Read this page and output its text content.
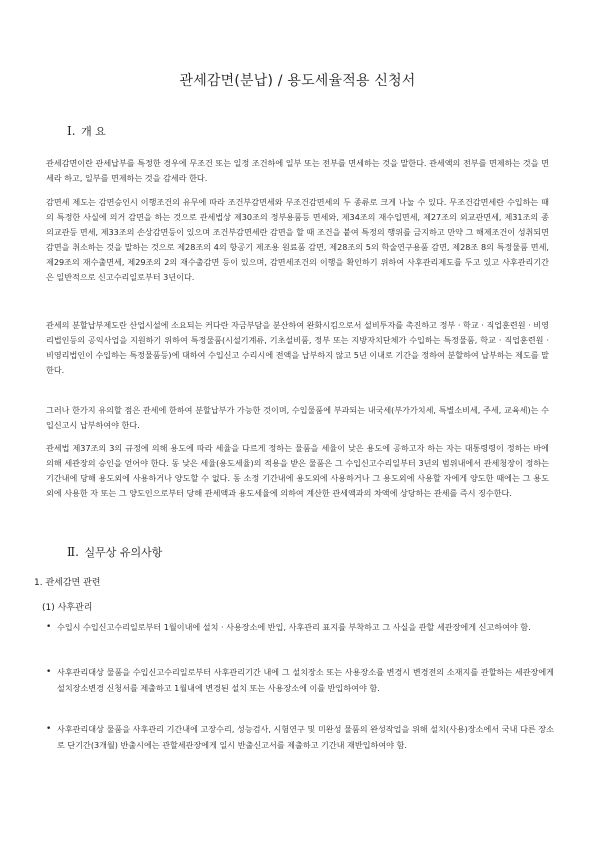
관세감면(분납) / 용도세율적용 신청서
Ⅰ. 개 요

관세감면이란 관세납부를 특정한 경우에 무조건 또는 일정 조건하에 일부 또는 전부를 면세하는 것을 말한다. 관세액의 전부를 면제하는 것을 면세라 하고, 일부를 면제하는 것을 감세라 한다.

감면세 제도는 감면승인시 이행조건의 유무에 따라 조건부감면세와 무조건감면세의 두 종류로 크게 나눌 수 있다. 무조건감면세란 수입하는 때의 특정한 사실에 의거 감면을 하는 것으로 관세법상 제30조의 정부용품등 면세와, 제34조의 재수입면세, 제27조의 외교관면세, 제31조의 종의교관등 면세, 제33조의 손상감면등이 있으며 조건부감면세란 감면을 할 때 조건을 붙여 특정의 행위를 금지하고 만약 그 해제조건이 성취되면 감면을 취소하는 것을 말하는 것으로 제28조의 4의 항공기 제조용 원료품 감면, 제28조의 5의 학술연구용품 감면, 제28조 8의 특정물품 면세, 제29조의 재수출면세, 제29조의 2의 재수출감면 등이 있으며, 감면세조건의 이행을 확인하기 위하여 사후관리제도를 두고 있고 사후관리기간은 일반적으로 신고수리일로부터 3년이다.

관세의 분할납부제도란 산업시설에 소요되는 커다란 자금부담을 분산하여 완화시킴으로서 설비투자를 촉진하고 정부 · 학교 · 직업훈련원 · 비영리법인등의 공익사업을 지원하기 위하여 특정물품(시설기계류, 기초설비품, 정부 또는 지방자치단체가 수입하는 특정물품, 학교 · 직업훈련원 · 비영리법인이 수입하는 특정물품등)에 대하여 수입신고 수리시에 전액을 납부하지 않고 5년 이내로 기간을 정하여 분할하여 납부하는 제도를 말한다.

그러나 한가지 유의할 점은 관세에 한하여 분할납부가 가능한 것이며, 수입물품에 부과되는 내국세(부가가치세, 특별소비세, 주세, 교육세)는 수입신고시 납부하여야 한다.

관세법 제37조의 3의 규정에 의해 용도에 따라 세율을 다르게 정하는 물품을 세율이 낮은 용도에 공하고자 하는 자는 대통령령이 정하는 바에 의해 세관장의 승인을 얻어야 한다. 동 낮은 세율(용도세율)의 적용을 받은 물품은 그 수입신고수리일부터 3년의 범위내에서 관세청장이 정하는 기간내에 당해 용도외에 사용하거나 양도할 수 없다. 동 소정 기간내에 용도외에 사용하거나 그 용도외에 사용할 자에게 양도한 때에는 그 용도외에 사용한 자 또는 그 양도인으로부터 당해 관세액과 용도세율에 의하여 계산한 관세액과의 차액에 상당하는 관세를 즉시 징수한다.

Ⅱ. 실무상 유의사항
1. 관세감면 관련
(1) 사후관리
• 수입시 수입신고수리일로부터 1월이내에 설치 · 사용장소에 반입, 사후관리 표지를 부착하고 그 사실을 관할 세관장에게 신고하여야 함.
• 사후관리대상 물품을 수입신고수리일로부터 사후관리기간 내에 그 설치장소 또는 사용장소를 변경시 변경전의 소재지를 관할하는 세관장에게 설치장소변경 신청서를 제출하고 1월내에 변경된 설치 또는 사용장소에 이를 반입하여야 함.
• 사후관리대상 물품을 사후관리 기간내에 고장수리, 성능검사, 시험연구 및 미완성 물품의 완성작업을 위해 설치(사용)장소에서 국내 다른 장소로 단기간(3개월) 반출시에는 관할세관장에게 일시 반출신고서를 제출하고 기간내 재반입하여야 함.
